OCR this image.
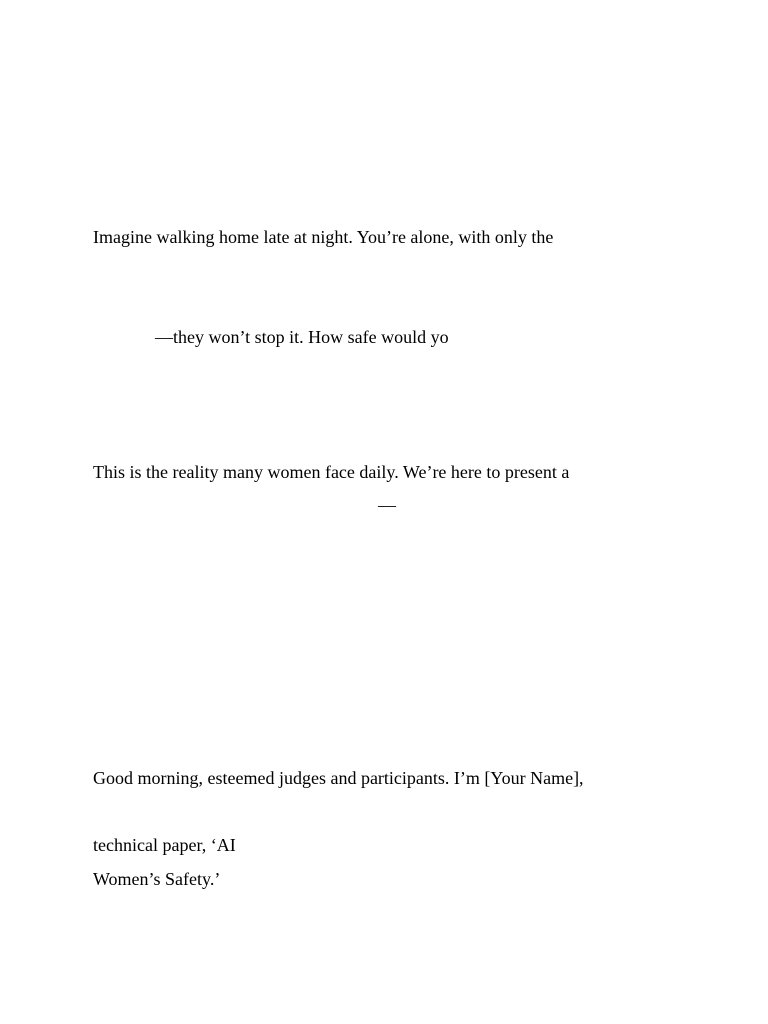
Imagine walking home late at night. You’re alone, with only the

—they won’t stop it. How safe would yo

This is the reality many women face daily. We’re here to present a

—

Good morning, esteemed judges and participants. I’m [Your Name],

technical paper, ‘AI

Women’s Safety.’
